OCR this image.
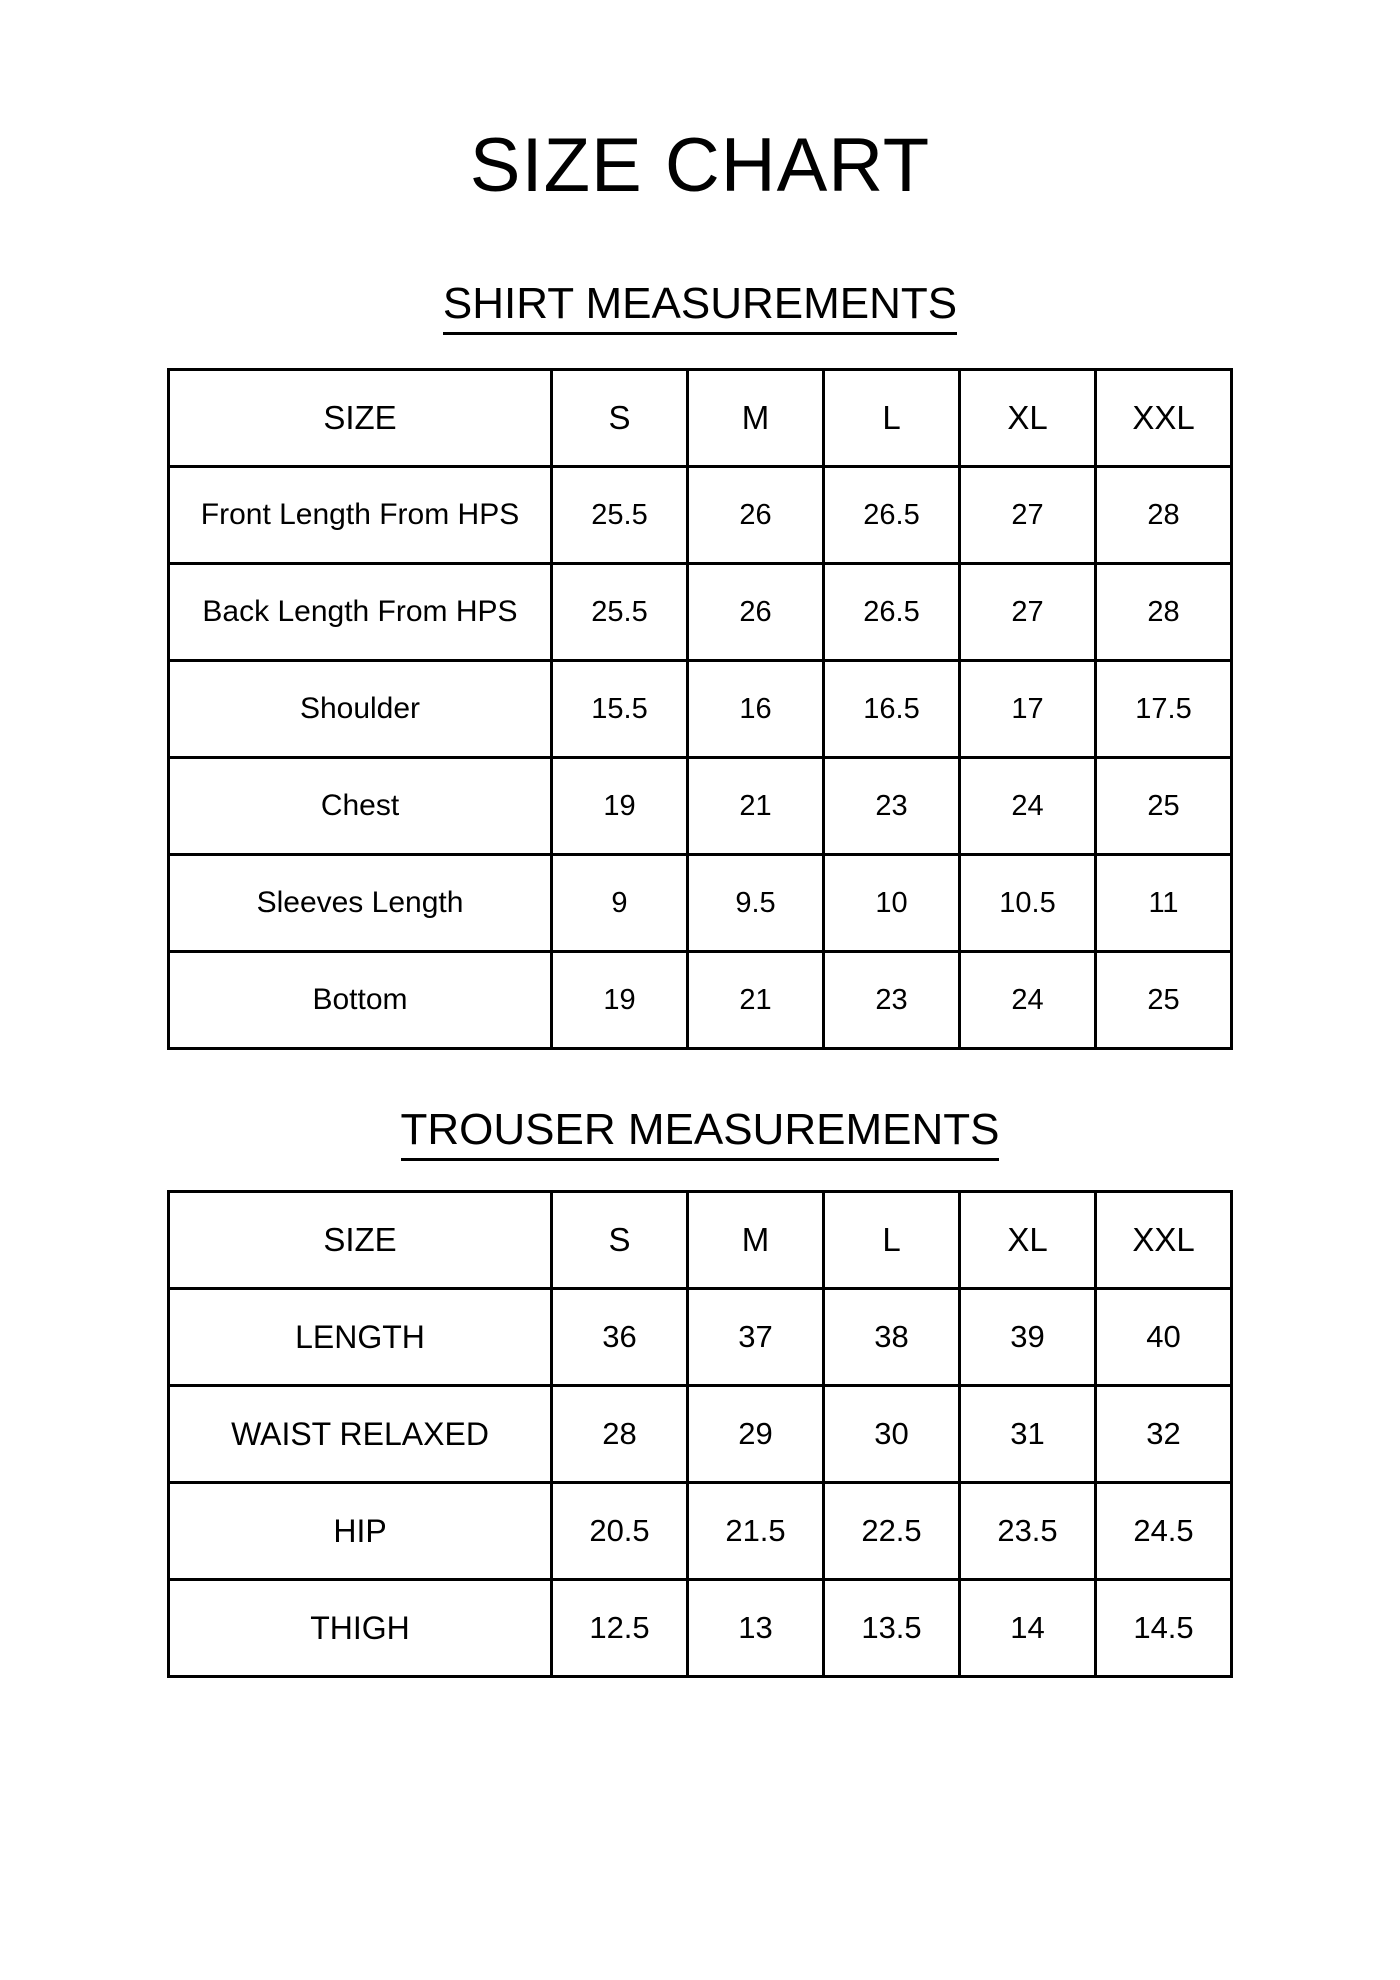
SIZE CHART
SHIRT MEASUREMENTS
SIZE	S	M	L	XL	XXL
Front Length From HPS	25.5	26	26.5	27	28
Back Length From HPS	25.5	26	26.5	27	28
Shoulder	15.5	16	16.5	17	17.5
Chest	19	21	23	24	25
Sleeves Length	9	9.5	10	10.5	11
Bottom	19	21	23	24	25
TROUSER MEASUREMENTS
SIZE	S	M	L	XL	XXL
LENGTH	36	37	38	39	40
WAIST RELAXED	28	29	30	31	32
HIP	20.5	21.5	22.5	23.5	24.5
THIGH	12.5	13	13.5	14	14.5
